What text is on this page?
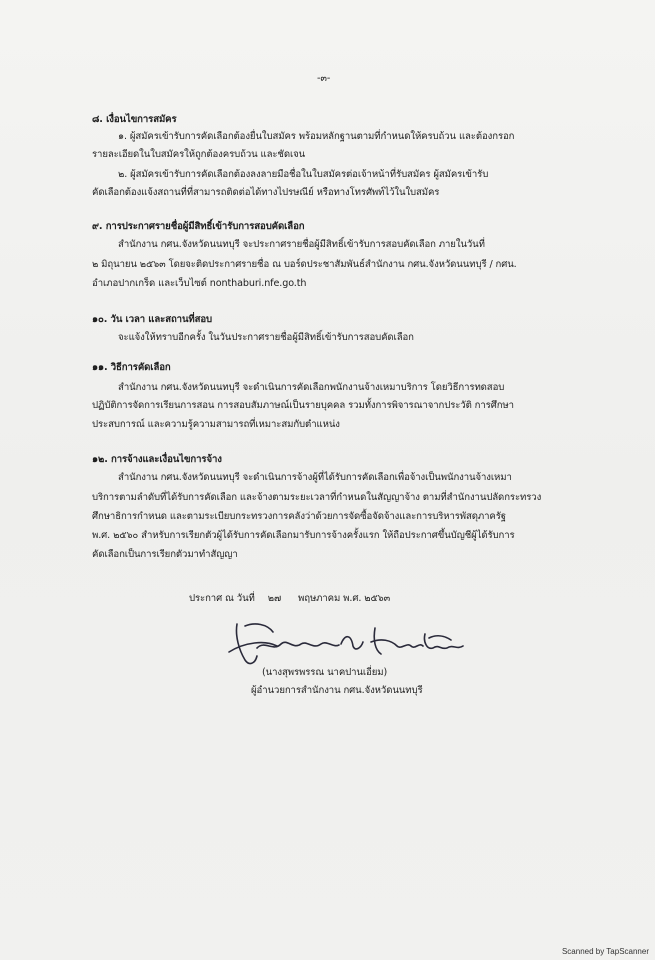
-๓-
๘. เงื่อนไขการสมัคร
๑. ผู้สมัครเข้ารับการคัดเลือกต้องยื่นใบสมัคร พร้อมหลักฐานตามที่กำหนดให้ครบถ้วน และต้องกรอก
รายละเอียดในใบสมัครให้ถูกต้องครบถ้วน และชัดเจน
๒. ผู้สมัครเข้ารับการคัดเลือกต้องลงลายมือชื่อในใบสมัครต่อเจ้าหน้าที่รับสมัคร ผู้สมัครเข้ารับ
คัดเลือกต้องแจ้งสถานที่ที่สามารถติดต่อได้ทางไปรษณีย์ หรือทางโทรศัพท์ไว้ในใบสมัคร
๙. การประกาศรายชื่อผู้มีสิทธิ์เข้ารับการสอบคัดเลือก
สำนักงาน กศน.จังหวัดนนทบุรี จะประกาศรายชื่อผู้มีสิทธิ์เข้ารับการสอบคัดเลือก ภายในวันที่
๒ มิถุนายน ๒๕๖๓ โดยจะติดประกาศรายชื่อ ณ บอร์ดประชาสัมพันธ์สำนักงาน กศน.จังหวัดนนทบุรี / กศน.
อำเภอปากเกร็ด และเว็บไซต์ nonthaburi.nfe.go.th
๑๐. วัน เวลา และสถานที่สอบ
จะแจ้งให้ทราบอีกครั้ง ในวันประกาศรายชื่อผู้มีสิทธิ์เข้ารับการสอบคัดเลือก
๑๑. วิธีการคัดเลือก
สำนักงาน กศน.จังหวัดนนทบุรี จะดำเนินการคัดเลือกพนักงานจ้างเหมาบริการ โดยวิธีการทดสอบ
ปฏิบัติการจัดการเรียนการสอน การสอบสัมภาษณ์เป็นรายบุคคล รวมทั้งการพิจารณาจากประวัติ การศึกษา
ประสบการณ์ และความรู้ความสามารถที่เหมาะสมกับตำแหน่ง
๑๒. การจ้างและเงื่อนไขการจ้าง
สำนักงาน กศน.จังหวัดนนทบุรี จะดำเนินการจ้างผู้ที่ได้รับการคัดเลือกเพื่อจ้างเป็นพนักงานจ้างเหมา
บริการตามลำดับที่ได้รับการคัดเลือก และจ้างตามระยะเวลาที่กำหนดในสัญญาจ้าง ตามที่สำนักงานปลัดกระทรวง
ศึกษาธิการกำหนด และตามระเบียบกระทรวงการคลังว่าด้วยการจัดซื้อจัดจ้างและการบริหารพัสดุภาครัฐ
พ.ศ. ๒๕๖๐ สำหรับการเรียกตัวผู้ได้รับการคัดเลือกมารับการจ้างครั้งแรก ให้ถือประกาศขึ้นบัญชีผู้ได้รับการ
คัดเลือกเป็นการเรียกตัวมาทำสัญญา
ประกาศ ณ วันที่ ๒๗ พฤษภาคม พ.ศ. ๒๕๖๓
(นางสุพรพรรณ นาคปานเอี่ยม)
ผู้อำนวยการสำนักงาน กศน.จังหวัดนนทบุรี
Scanned by TapScanner
